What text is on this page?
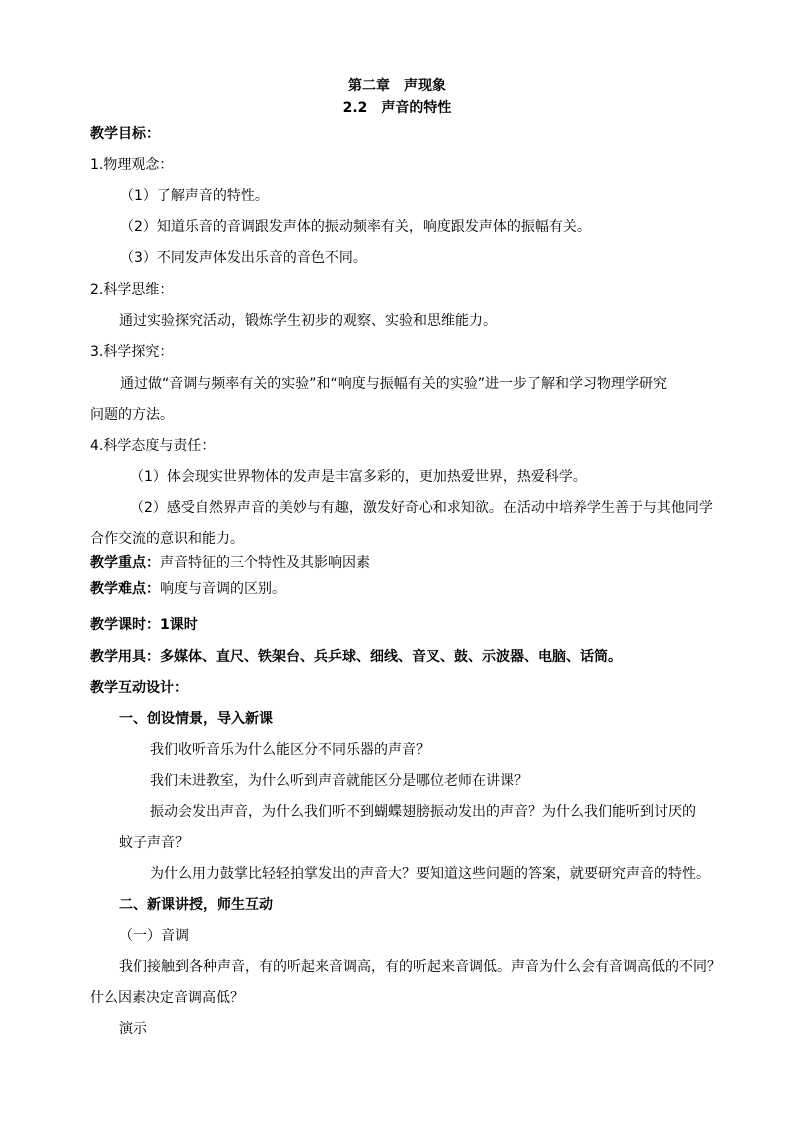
第二章　声现象
2.2　声音的特性
教学目标：
1.物理观念：
（1）了解声音的特性。
（2）知道乐音的音调跟发声体的振动频率有关，响度跟发声体的振幅有关。
（3）不同发声体发出乐音的音色不同。
2.科学思维：
通过实验探究活动，锻炼学生初步的观察、实验和思维能力。
3.科学探究：
通过做“音调与频率有关的实验”和“响度与振幅有关的实验”进一步了解和学习物理学研究
问题的方法。
4.科学态度与责任：
（1）体会现实世界物体的发声是丰富多彩的，更加热爱世界，热爱科学。
（2）感受自然界声音的美妙与有趣，激发好奇心和求知欲。在活动中培养学生善于与其他同学
合作交流的意识和能力。
教学重点：声音特征的三个特性及其影响因素
教学难点：响度与音调的区别。
教学课时：1课时
教学用具：多媒体、直尺、铁架台、兵乒球、细线、音叉、鼓、示波器、电脑、话筒。
教学互动设计：
一、创设情景，导入新课
我们收听音乐为什么能区分不同乐器的声音？
我们未进教室，为什么听到声音就能区分是哪位老师在讲课？
振动会发出声音，为什么我们听不到蝴蝶翅膀振动发出的声音？为什么我们能听到讨厌的
蚊子声音？
为什么用力鼓掌比轻轻拍掌发出的声音大？要知道这些问题的答案，就要研究声音的特性。
二、新课讲授，师生互动
（一）音调
我们接触到各种声音，有的听起来音调高，有的听起来音调低。声音为什么会有音调高低的不同？
什么因素决定音调高低？
演示
